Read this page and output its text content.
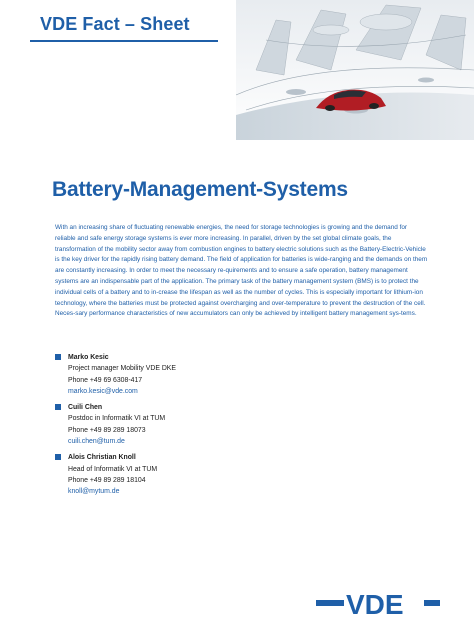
VDE Fact – Sheet
Battery-Management-Systems

With an increasing share of fluctuating renewable energies, the need for storage technologies is growing and the demand for reliable and safe energy storage systems is ever more increasing. In parallel, driven by the set global climate goals, the transformation of the mobility sector away from combustion engines to battery electric solutions such as the Battery-Electric-Vehicle is the key driver for the rapidly rising battery demand. The field of application for batteries is wide-ranging and the demands on them are constantly increasing. In order to meet the necessary re-quirements and to ensure a safe operation, battery management systems are an indispensable part of the application. The primary task of the battery management system (BMS) is to protect the individual cells of a battery and to in-crease the lifespan as well as the number of cycles. This is especially important for lithium-ion technology, where the batteries must be protected against overcharging and over-temperature to prevent the destruction of the cell. Neces-sary performance characteristics of new accumulators can only be achieved by intelligent battery management sys-tems.

Marko Kesic
Project manager Mobility VDE DKE
Phone +49 69 6308-417
marko.kesic@vde.com
Cuili Chen
Postdoc in Informatik VI at TUM
Phone +49 89 289 18073
cuili.chen@tum.de
Alois Christian Knoll
Head of Informatik VI at TUM
Phone +49 89 289 18104
knoll@mytum.de
VDE
